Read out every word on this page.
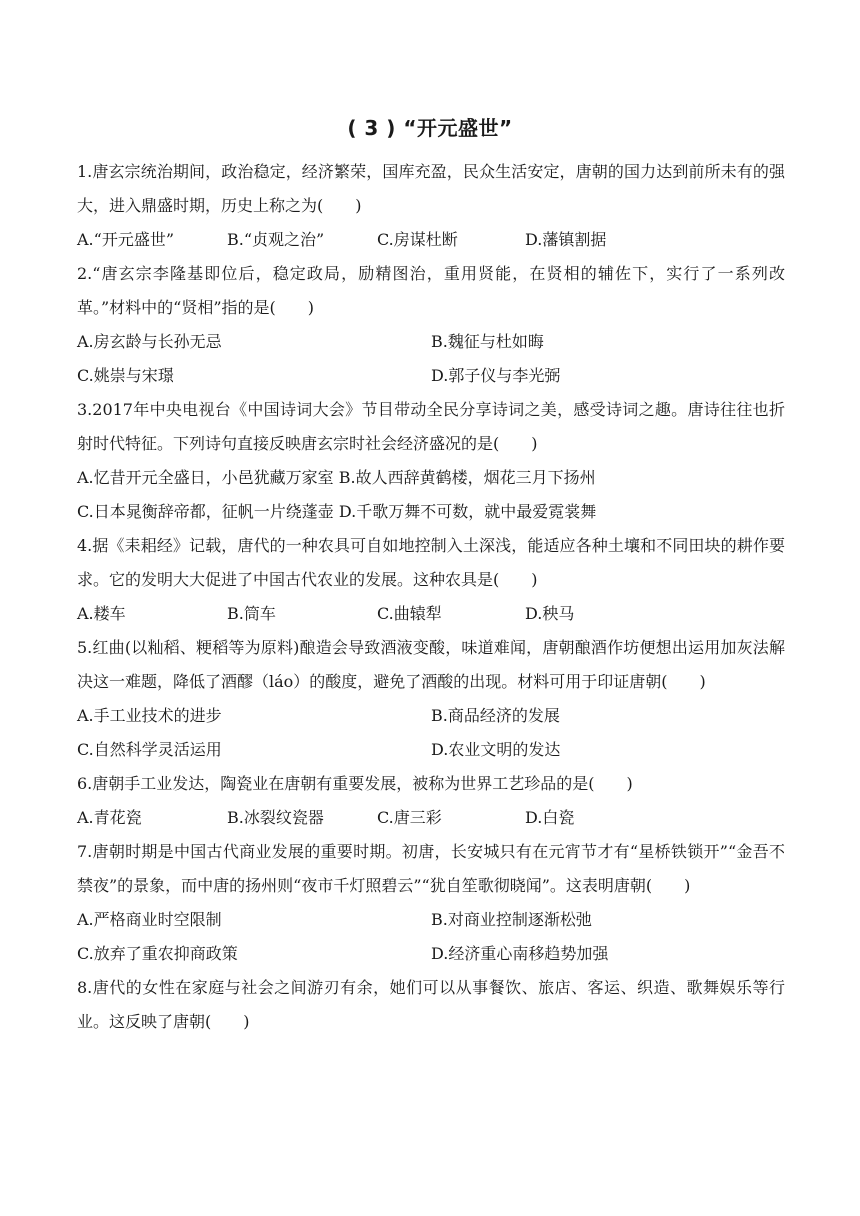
( 3 ) “开元盛世”

1.唐玄宗统治期间，政治稳定，经济繁荣，国库充盈，民众生活安定，唐朝的国力达到前所未有的强大，进入鼎盛时期，历史上称之为(　　)

A.“开元盛世”	B.“贞观之治”	C.房谋杜断	D.藩镇割据

2.“唐玄宗李隆基即位后，稳定政局，励精图治，重用贤能，在贤相的辅佐下，实行了一系列改革。”材料中的“贤相”指的是(　　)

A.房玄龄与长孙无忌	B.魏征与杜如晦
C.姚崇与宋璟	D.郭子仪与李光弼

3.2017年中央电视台《中国诗词大会》节目带动全民分享诗词之美，感受诗词之趣。唐诗往往也折射时代特征。下列诗句直接反映唐玄宗时社会经济盛况的是(　　)

A.忆昔开元全盛日，小邑犹藏万家室 B.故人西辞黄鹤楼，烟花三月下扬州
C.日本晁衡辞帝都，征帆一片绕蓬壶 D.千歌万舞不可数，就中最爱霓裳舞

4.据《耒耜经》记载，唐代的一种农具可自如地控制入土深浅，能适应各种土壤和不同田块的耕作要求。它的发明大大促进了中国古代农业的发展。这种农具是(　　)

A.耧车	B.筒车	C.曲辕犁	D.秧马

5.红曲(以籼稻、粳稻等为原料)酿造会导致酒液变酸，味道难闻，唐朝酿酒作坊便想出运用加灰法解决这一难题，降低了酒醪（láo）的酸度，避免了酒酸的出现。材料可用于印证唐朝(　　)

A.手工业技术的进步	B.商品经济的发展
C.自然科学灵活运用	D.农业文明的发达

6.唐朝手工业发达，陶瓷业在唐朝有重要发展，被称为世界工艺珍品的是(　　)

A.青花瓷	B.冰裂纹瓷器	C.唐三彩	D.白瓷

7.唐朝时期是中国古代商业发展的重要时期。初唐，长安城只有在元宵节才有“星桥铁锁开”“金吾不禁夜”的景象，而中唐的扬州则“夜市千灯照碧云”“犹自笙歌彻晓闻”。这表明唐朝(　　)

A.严格商业时空限制	B.对商业控制逐渐松弛
C.放弃了重农抑商政策	D.经济重心南移趋势加强

8.唐代的女性在家庭与社会之间游刃有余，她们可以从事餐饮、旅店、客运、织造、歌舞娱乐等行业。这反映了唐朝(　　)
